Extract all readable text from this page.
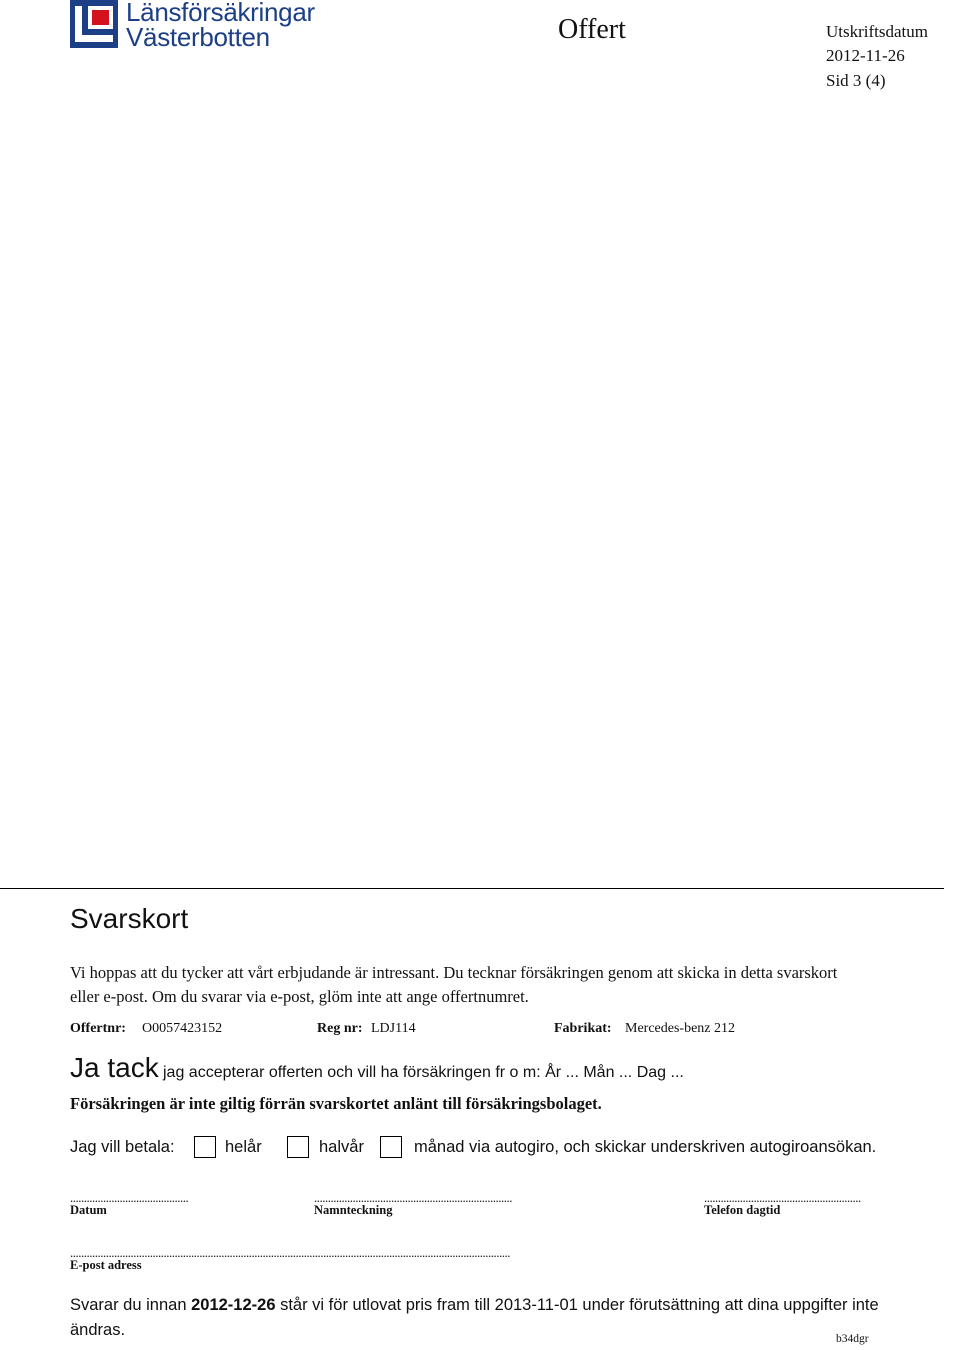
Länsförsäkringar
Västerbotten	Offert	Utskriftsdatum
2012-11-26
Sid 3 (4)
Svarskort
Vi hoppas att du tycker att vårt erbjudande är intressant. Du tecknar försäkringen genom att skicka in detta svarskort
eller e-post. Om du svarar via e-post, glöm inte att ange offertnumret.
Offertnr: O0057423152	Reg nr: LDJ114	Fabrikat: Mercedes-benz 212
Ja tack jag accepterar offerten och vill ha försäkringen fr o m: År ... Mån ... Dag ...
Försäkringen är inte giltig förrän svarskortet anlänt till försäkringsbolaget.
Jag vill betala:	helår	halvår	månad via autogiro, och skickar underskriven autogiroansökan.
...........................................	........................................................................	.........................................................
Datum	Namnteckning	Telefon dagtid
................................................................................................................................................................
E-post adress
Svarar du innan 2012-12-26 står vi för utlovat pris fram till 2013-11-01 under förutsättning att dina uppgifter inte
ändras.	b34dgr
